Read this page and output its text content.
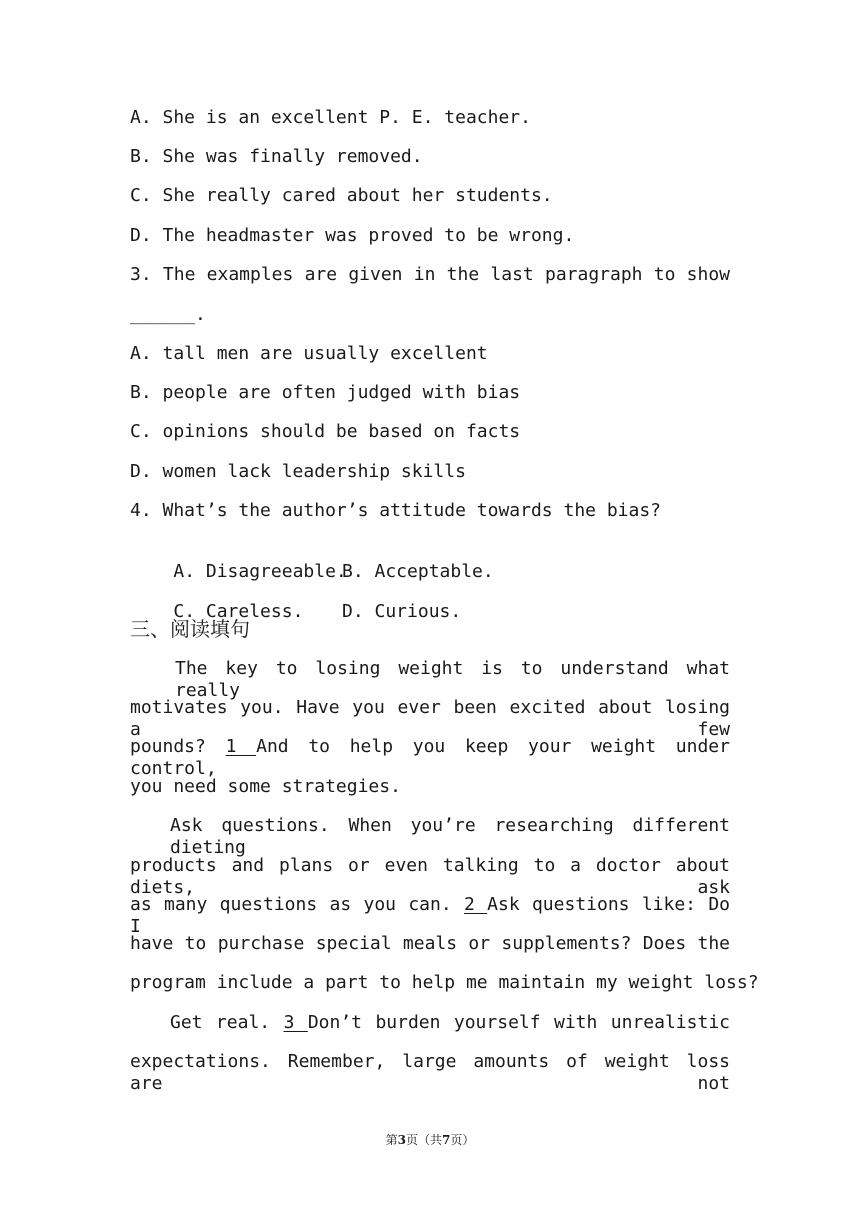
A. She is an excellent P. E. teacher.
B. She was finally removed.
C. She really cared about her students.
D. The headmaster was proved to be wrong.
3. The examples are given in the last paragraph to show
______.
A. tall men are usually excellent
B. people are often judged with bias
C. opinions should be based on facts
D. women lack leadership skills
4. What’s the author’s attitude towards the bias?

A. Disagreeable.
B. Acceptable.

C. Careless. D. Curious.

三、阅读填句
The key to losing weight is to understand what really
motivates you. Have you ever been excited about losing a few
pounds? 1 And to help you keep your weight under control,
you need some strategies.
Ask questions. When you’re researching different dieting
products and plans or even talking to a doctor about diets, ask
as many questions as you can. 2 Ask questions like: Do I
have to purchase special meals or supplements? Does the
program include a part to help me maintain my weight loss?
Get real. 3 Don’t burden yourself with unrealistic
expectations. Remember, large amounts of weight loss are not
第3页（共7页）
